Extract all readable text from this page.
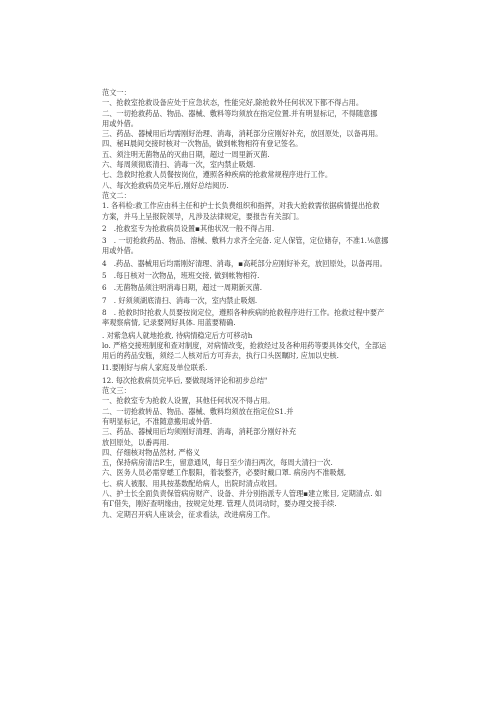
范文一：
一、抢救室抢救设备应处于应急状态，性能完好,除抢救外任何状况下都不得占用。
二、一切抢救药品、物品、器械、敷料等均须放在指定位置.并有明显标记，不得随意挪
用或外借。
三、药品、器械用后均需刚好治理、消毒，消耗部分应刚好补充，放回原处，以备再用。
四、秘H晨间交接时核对一次物品，做到帐物相符有登记签名。
五、须注明无菌物品的灭曲日期，超过一周里新灭菌.
六、每周须彻底清扫、消毒一次，室内禁止吸烟.
七、急救时抢救人员餐按岗位，遵照各种疾病的抢救常规程序进行工作。
八、每次抢救病员完毕后,刚好总结阅历.
范文二：
1. 各科检:救工作应由科主任和护士长负费组织和指挥，对我大抢救需依据病情提出抢救
方案，并马上呈报院领导，凡涉及法律规定，要报告有关部门。
2　.抢救室专为抢救病员设置▪其他状况一般不得占用.
3　. 一切抢救药品、物品、溶械、敷料力求齐全完备. 定人保管，定位储存，不准1.⅛意挪
用或外借。
4　.药品、器械用后均需刚好清理、消毒，▪高耗部分应刚好补充，放回原处，以备再用。
5　.每日核对一次物品，班班交接, 做到帐物相符.
6　.无菌物品须注明消毒日期，超过一周期新灭菌.
7　. 好须须湖底清扫、消毒一次，室内禁止吸烟.
8　. 抢救时时抢救人员要按岗定位，遵照各种疾病的抢救程序进行工作。抢救过程中要产
率观察病情, 记录要网好具体. 用蓝要精确.
. 对紫急病人就地抢救, 待病情稳定后方可移动h
lo. 严格交接班制度和查对制度，对病情改变，抢救经过及各种用药等要具体交代，全部运
用后的药品安瓶，须经二人核对后方可弃去，执行口头医瞩时, 应加以史核.
I1.要刚好与病人家庭及单位联系.
12. 每次抢救病员完毕后, 要做现场评论和初步总结"
范文三：
一、抢救室专为抢救人设置，其他任何状况不得占用。
二、一切抢救转品、物品、器械、敷料均须放在指定位S1.并
有明显标记，不准随意搬用或外借.
三、药品、器械用后均须刚好清理、消毒，消耗部分刚好补充
放回原处，以番再用.
四、仔细核对物品然材, 严格义
五，保持病房清洁P.生，留意通风，每日至少清扫两次，每周大清扫一次.
六、医务人员必需穿蟋工作服阳，着装整齐，必要时戴口罩. 病房内不准吸烟,
七、病人被服、用具按基数配给病人，出院时清点收回。
八、护士长全面负责保管病房财产、设备、并分别指派专人管理▪建立账目, 定期清点. 如
有Γ借失，刚好查明缘由，按规定处理. 管理人员词动时，要办理交接手续.
九、定期召开病人座谈会，征求看法，改进病房工作。
